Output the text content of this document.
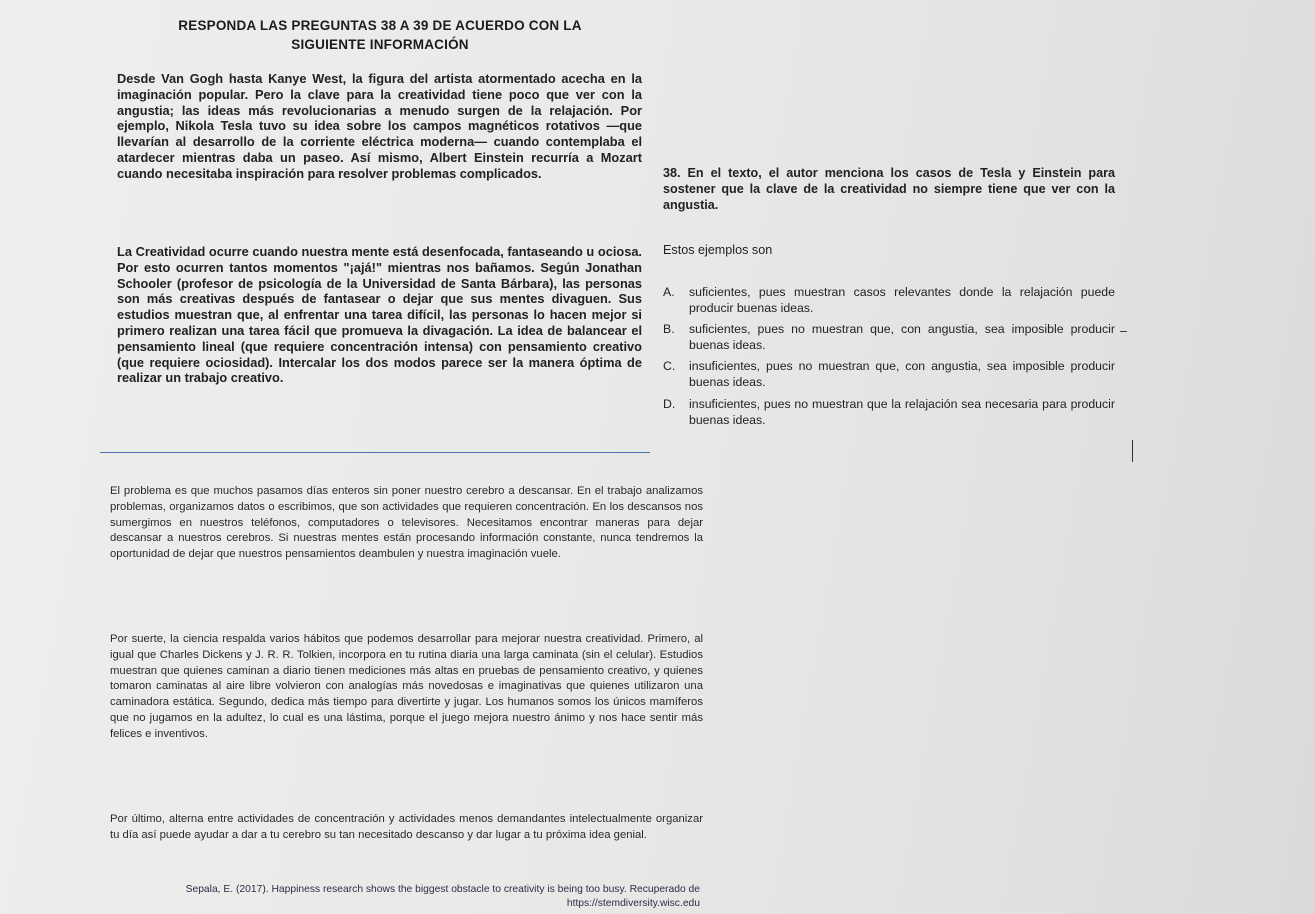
RESPONDA LAS PREGUNTAS 38 A 39 DE ACUERDO CON LA
SIGUIENTE INFORMACIÓN

Desde Van Gogh hasta Kanye West, la figura del artista atormentado acecha en la imaginación popular. Pero la clave para la creatividad tiene poco que ver con la angustia; las ideas más revolucionarias a menudo surgen de la relajación. Por ejemplo, Nikola Tesla tuvo su idea sobre los campos magnéticos rotativos —que llevarían al desarrollo de la corriente eléctrica moderna— cuando contemplaba el atardecer mientras daba un paseo. Así mismo, Albert Einstein recurría a Mozart cuando necesitaba inspiración para resolver problemas complicados.

La Creatividad ocurre cuando nuestra mente está desenfocada, fantaseando u ociosa. Por esto ocurren tantos momentos "¡ajá!" mientras nos bañamos. Según Jonathan Schooler (profesor de psicología de la Universidad de Santa Bárbara), las personas son más creativas después de fantasear o dejar que sus mentes divaguen. Sus estudios muestran que, al enfrentar una tarea difícil, las personas lo hacen mejor si primero realizan una tarea fácil que promueva la divagación. La idea de balancear el pensamiento lineal (que requiere concentración intensa) con pensamiento creativo (que requiere ociosidad). Intercalar los dos modos parece ser la manera óptima de realizar un trabajo creativo.

El problema es que muchos pasamos días enteros sin poner nuestro cerebro a descansar. En el trabajo analizamos problemas, organizamos datos o escribimos, que son actividades que requieren concentración. En los descansos nos sumergimos en nuestros teléfonos, computadores o televisores. Necesitamos encontrar maneras para dejar descansar a nuestros cerebros. Si nuestras mentes están procesando información constante, nunca tendremos la oportunidad de dejar que nuestros pensamientos deambulen y nuestra imaginación vuele.

Por suerte, la ciencia respalda varios hábitos que podemos desarrollar para mejorar nuestra creatividad. Primero, al igual que Charles Dickens y J. R. R. Tolkien, incorpora en tu rutina diaria una larga caminata (sin el celular). Estudios muestran que quienes caminan a diario tienen mediciones más altas en pruebas de pensamiento creativo, y quienes tomaron caminatas al aire libre volvieron con analogías más novedosas e imaginativas que quienes utilizaron una caminadora estática. Segundo, dedica más tiempo para divertirte y jugar. Los humanos somos los únicos mamíferos que no jugamos en la adultez, lo cual es una lástima, porque el juego mejora nuestro ánimo y nos hace sentir más felices e inventivos.

Por último, alterna entre actividades de concentración y actividades menos demandantes intelectualmente organizar tu día así puede ayudar a dar a tu cerebro su tan necesitado descanso y dar lugar a tu próxima idea genial.

Sepala, E. (2017). Happiness research shows the biggest obstacle to creativity is being too busy. Recuperado de https://stemdiversity.wisc.edu

38. En el texto, el autor menciona los casos de Tesla y Einstein para sostener que la clave de la creatividad no siempre tiene que ver con la angustia.

Estos ejemplos son

A.	suficientes, pues muestran casos relevantes donde la relajación puede producir buenas ideas.
B.	suficientes, pues no muestran que, con angustia, sea imposible producir buenas ideas.
C.	insuficientes, pues no muestran que, con angustia, sea imposible producir buenas ideas.
D.	insuficientes, pues no muestran que la relajación sea necesaria para producir buenas ideas.
